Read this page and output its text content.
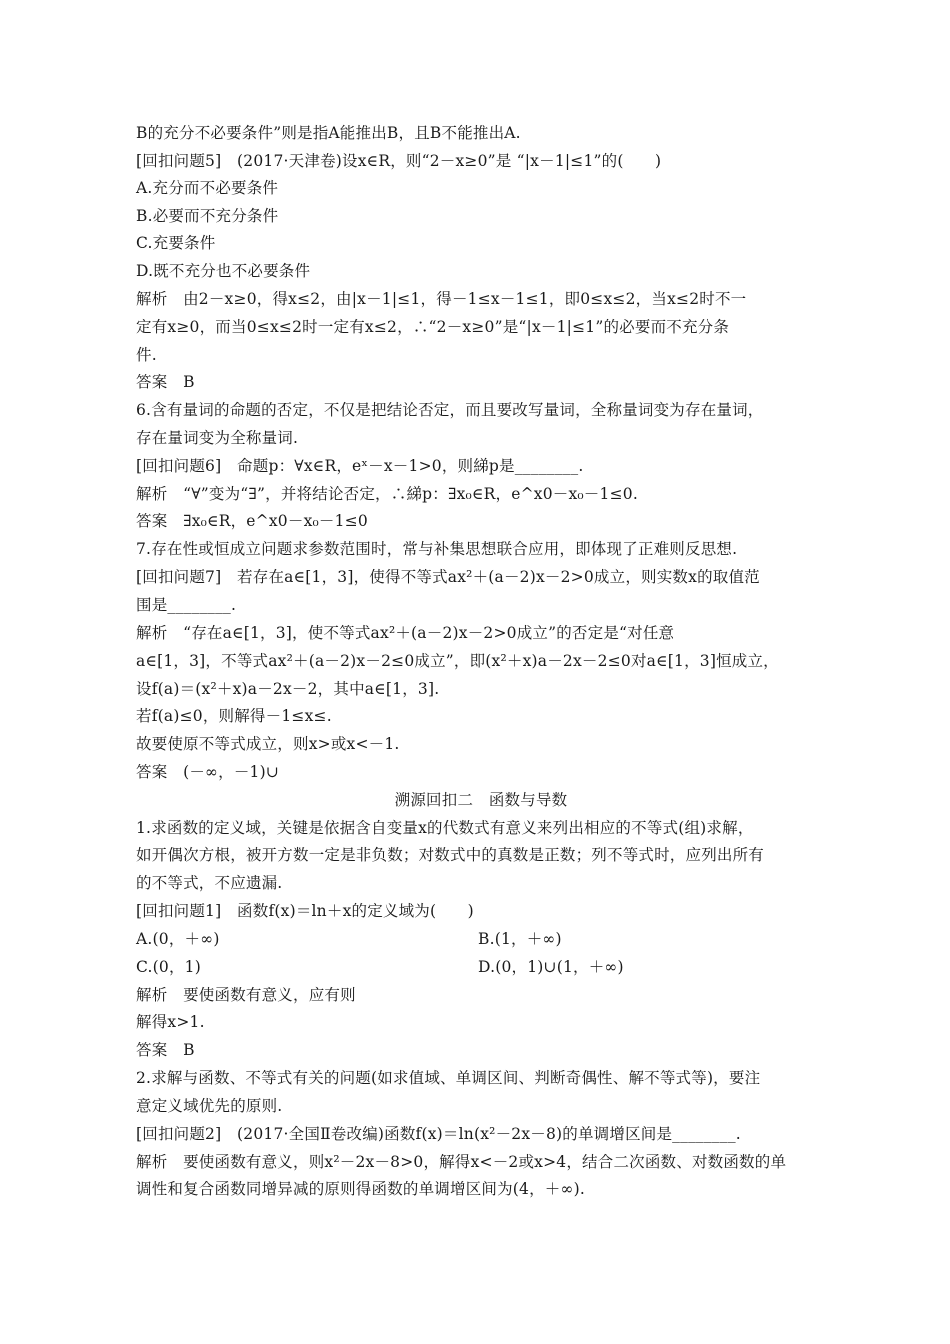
B的充分不必要条件”则是指A能推出B，且B不能推出A.
[回扣问题5]　(2017·天津卷)设x∈R，则“2－x≥0”是 “|x－1|≤1”的(　　)
A.充分而不必要条件
B.必要而不充分条件
C.充要条件
D.既不充分也不必要条件
解析　由2－x≥0，得x≤2，由|x－1|≤1，得－1≤x－1≤1，即0≤x≤2，当x≤2时不一
定有x≥0，而当0≤x≤2时一定有x≤2，∴“2－x≥0”是“|x－1|≤1”的必要而不充分条
件.
答案　B
6.含有量词的命题的否定，不仅是把结论否定，而且要改写量词，全称量词变为存在量词，
存在量词变为全称量词.
[回扣问题6]　命题p：∀x∈R，eˣ－x－1>0，则綈p是________.
解析　“∀”变为“∃”，并将结论否定，∴綈p：∃x₀∈R，e^x0－x₀－1≤0.
答案　∃x₀∈R，e^x0－x₀－1≤0
7.存在性或恒成立问题求参数范围时，常与补集思想联合应用，即体现了正难则反思想.
[回扣问题7]　若存在a∈[1，3]，使得不等式ax²＋(a－2)x－2>0成立，则实数x的取值范
围是________.
解析　“存在a∈[1，3]，使不等式ax²＋(a－2)x－2>0成立”的否定是“对任意
a∈[1，3]，不等式ax²＋(a－2)x－2≤0成立”，即(x²＋x)a－2x－2≤0对a∈[1，3]恒成立，
设f(a)＝(x²＋x)a－2x－2，其中a∈[1，3].
若f(a)≤0，则解得－1≤x≤.
故要使原不等式成立，则x>或x<－1.
答案　(－∞，－1)∪
溯源回扣二　函数与导数
1.求函数的定义域，关键是依据含自变量x的代数式有意义来列出相应的不等式(组)求解，
如开偶次方根，被开方数一定是非负数；对数式中的真数是正数；列不等式时，应列出所有
的不等式，不应遗漏.
[回扣问题1]　函数f(x)＝ln＋x的定义域为(　　)
A.(0，＋∞)	B.(1，＋∞)
C.(0，1)	D.(0，1)∪(1，＋∞)
解析　要使函数有意义，应有则
解得x>1.
答案　B
2.求解与函数、不等式有关的问题(如求值域、单调区间、判断奇偶性、解不等式等)，要注
意定义域优先的原则.
[回扣问题2]　(2017·全国Ⅱ卷改编)函数f(x)＝ln(x²－2x－8)的单调增区间是________.
解析　要使函数有意义，则x²－2x－8>0，解得x<－2或x>4，结合二次函数、对数函数的单
调性和复合函数同增异减的原则得函数的单调增区间为(4，＋∞).
